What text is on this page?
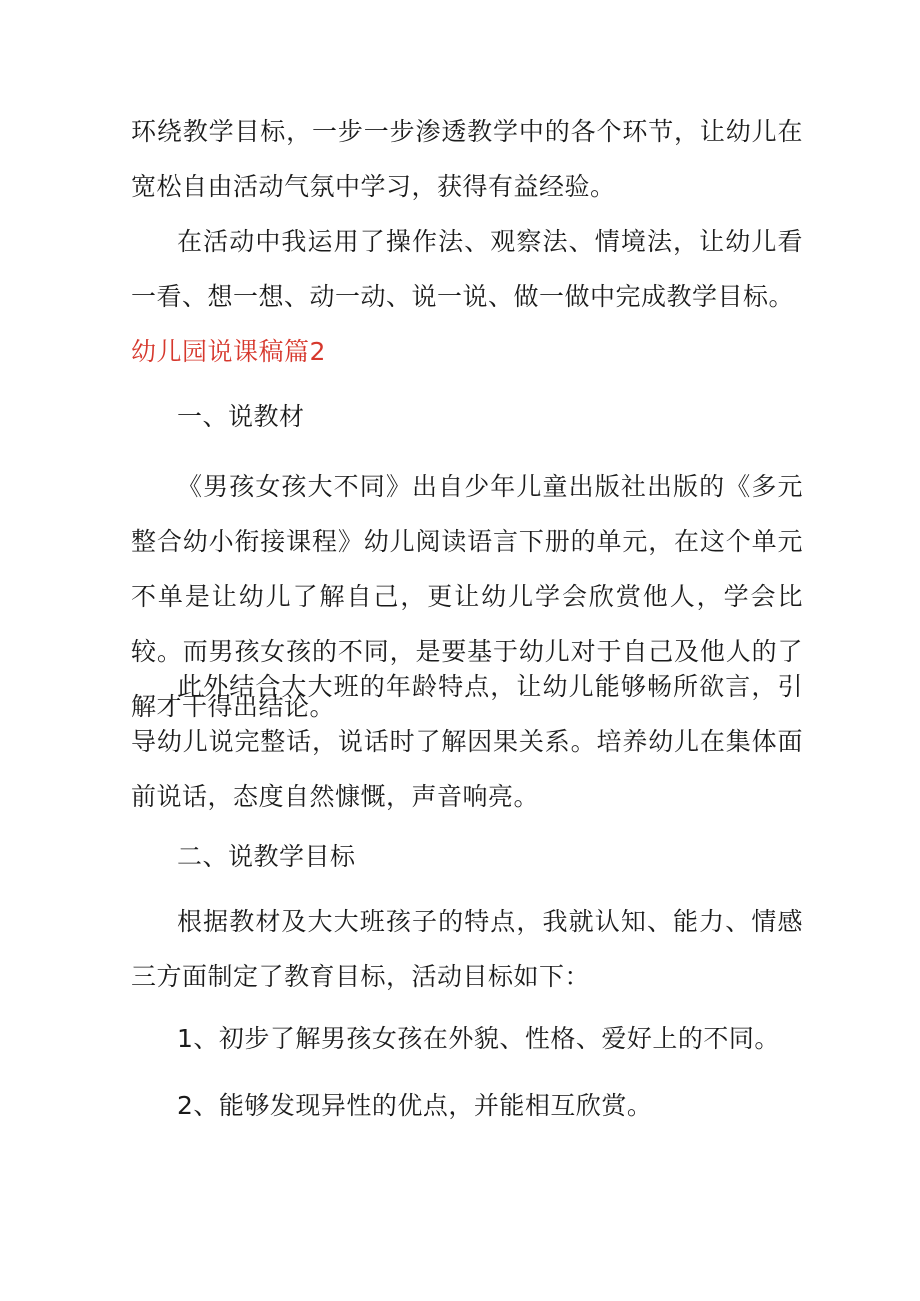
环绕教学目标，一步一步渗透教学中的各个环节，让幼儿在宽松自由活动气氛中学习，获得有益经验。

在活动中我运用了操作法、观察法、情境法，让幼儿看一看、想一想、动一动、说一说、做一做中完成教学目标。

幼儿园说课稿篇2

一、说教材

《男孩女孩大不同》出自少年儿童出版社出版的《多元整合幼小衔接课程》幼儿阅读语言下册的单元，在这个单元不单是让幼儿了解自己，更让幼儿学会欣赏他人，学会比较。而男孩女孩的不同，是要基于幼儿对于自己及他人的了解才干得出结论。

此外结合大大班的年龄特点，让幼儿能够畅所欲言，引导幼儿说完整话，说话时了解因果关系。培养幼儿在集体面前说话，态度自然慷慨，声音响亮。

二、说教学目标

根据教材及大大班孩子的特点，我就认知、能力、情感三方面制定了教育目标，活动目标如下：

1、初步了解男孩女孩在外貌、性格、爱好上的不同。

2、能够发现异性的优点，并能相互欣赏。
